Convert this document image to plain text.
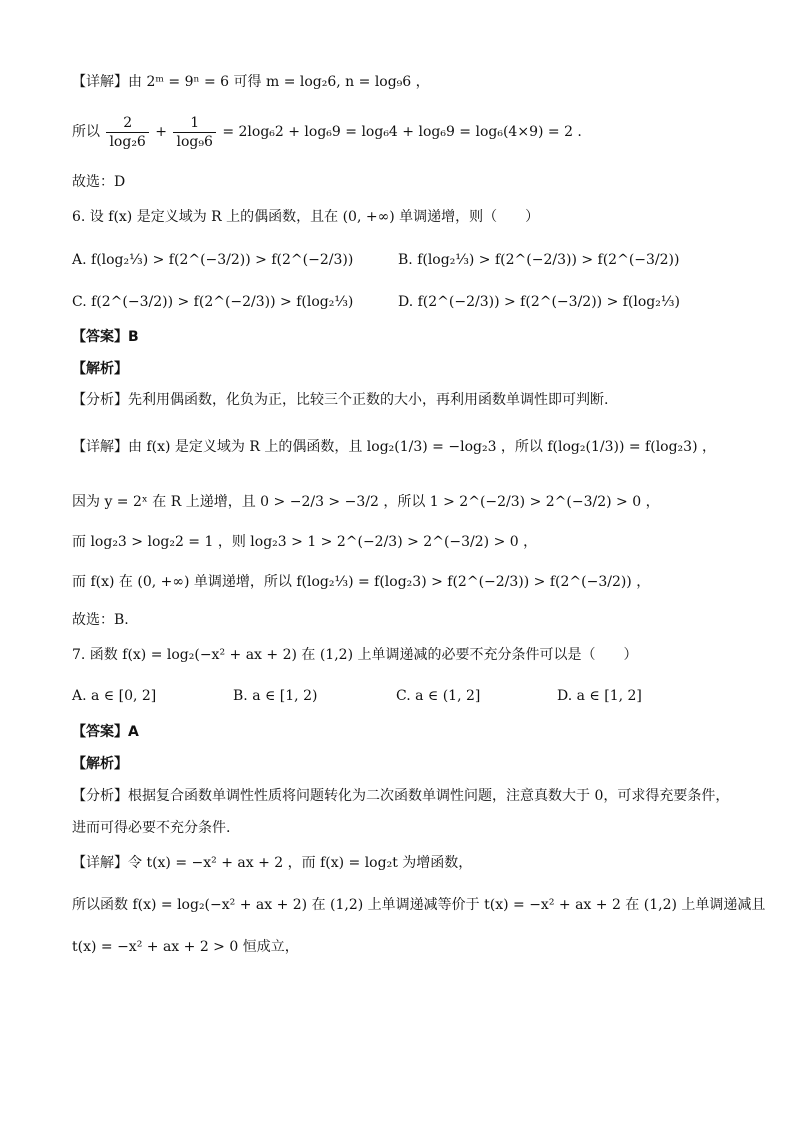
【详解】由 2ᵐ = 9ⁿ = 6 可得 m = log₂6, n = log₉6 ，
所以 $\frac{2}{\text{log₂6}} + \frac{1}{\text{log₉6}} = 2\log_62 + \log_69 = \log_64 + \log_69 = \log_6(4\times 9) = 2$ .
故选：D
6. 设 f(x) 是定义域为 R 上的偶函数，且在 (0, +∞) 单调递增，则（　　）
A. f(log₂⅓) > f(2^(−3/2)) > f(2^(−2/3))	B. f(log₂⅓) > f(2^(−2/3)) > f(2^(−3/2))
C. f(2^(−3/2)) > f(2^(−2/3)) > f(log₂⅓)	D. f(2^(−2/3)) > f(2^(−3/2)) > f(log₂⅓)
【答案】B
【解析】
【分析】先利用偶函数，化负为正，比较三个正数的大小，再利用函数单调性即可判断.
【详解】由 f(x) 是定义域为 R 上的偶函数，且 log₂(1/3) = −log₂3 ，所以 f(log₂(1/3)) = f(log₂3) ，
因为 y = 2ˣ 在 R 上递增，且 0 > −2/3 > −3/2 ，所以 1 > 2^(−2/3) > 2^(−3/2) > 0 ，
而 log₂3 > log₂2 = 1 ，则 log₂3 > 1 > 2^(−2/3) > 2^(−3/2) > 0 ，
而 f(x) 在 (0, +∞) 单调递增，所以 f(log₂⅓) = f(log₂3) > f(2^(−2/3)) > f(2^(−3/2)) ，
故选：B.
7. 函数 f(x) = log₂(−x² + ax + 2) 在 (1,2) 上单调递减的必要不充分条件可以是（　　）
A. a ∈ [0, 2]	B. a ∈ [1, 2)	C. a ∈ (1, 2]	D. a ∈ [1, 2]
【答案】A
【解析】
【分析】根据复合函数单调性性质将问题转化为二次函数单调性问题，注意真数大于 0，可求得充要条件，
进而可得必要不充分条件.
【详解】令 t(x) = −x² + ax + 2 ，而 f(x) = log₂t 为增函数，
所以函数 f(x) = log₂(−x² + ax + 2) 在 (1,2) 上单调递减等价于 t(x) = −x² + ax + 2 在 (1,2) 上单调递减且
t(x) = −x² + ax + 2 > 0 恒成立，
